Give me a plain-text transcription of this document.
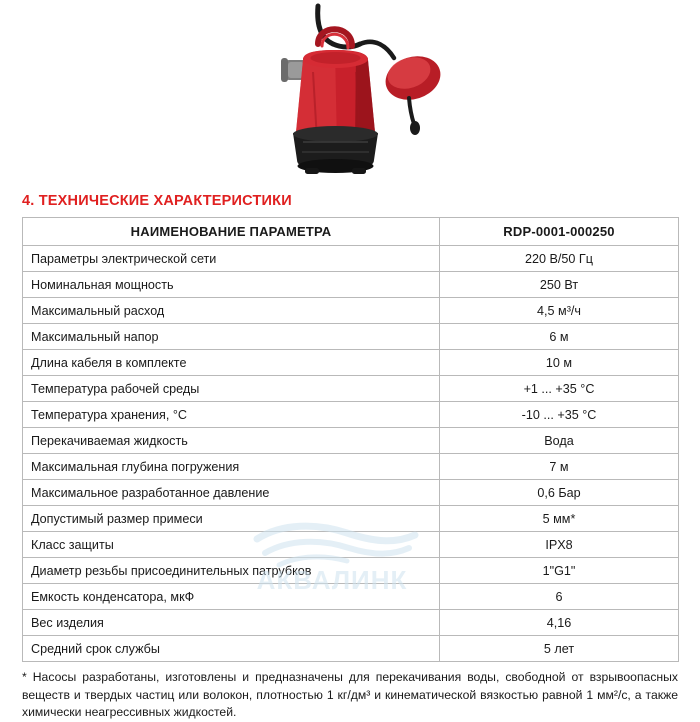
4. ТЕХНИЧЕСКИЕ ХАРАКТЕРИСТИКИ
АКВАЛИНК
НАИМЕНОВАНИЕ ПАРАМЕТРА	RDP-0001-000250
Параметры электрической сети	220 В/50 Гц
Номинальная мощность	250 Вт
Максимальный расход	4,5 м³/ч
Максимальный напор	6 м
Длина кабеля в комплекте	10 м
Температура рабочей среды	+1 ... +35 °С
Температура хранения, °С	-10 ... +35 °С
Перекачиваемая жидкость	Вода
Максимальная глубина погружения	7 м
Максимальное разработанное давление	0,6 Бар
Допустимый размер примеси	5 мм*
Класс защиты	IPX8
Диаметр резьбы присоединительных патрубков	1"G1"
Емкость конденсатора, мкФ	6
Вес изделия	4,16
Средний срок службы	5 лет
* Насосы разработаны, изготовлены и предназначены для перекачивания воды, свободной от взрывоопасных веществ и твердых частиц или волокон, плотностью 1 кг/дм³ и кинематической вязкостью равной 1 мм²/с, а также химически неагрессивных жидкостей.
